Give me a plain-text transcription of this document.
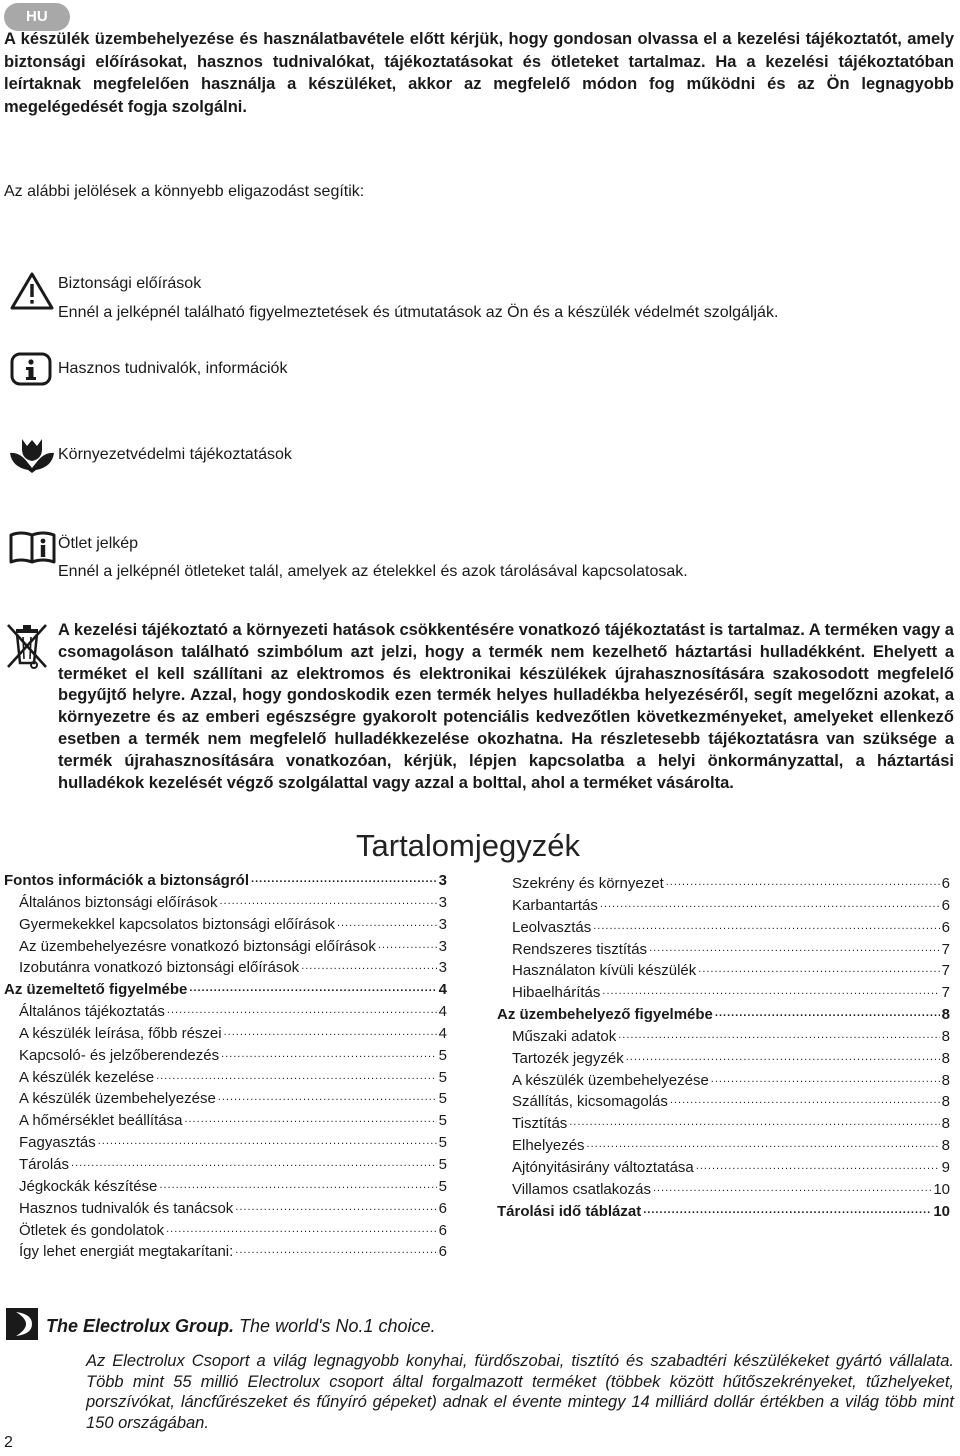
HU
A készülék üzembehelyezése és használatbavétele előtt kérjük, hogy gondosan olvassa el a kezelési tájékoztatót, amely biztonsági előírásokat, hasznos tudnivalókat, tájékoztatásokat és ötleteket tartalmaz. Ha a kezelési tájékoztatóban leírtaknak megfelelően használja a készüléket, akkor az megfelelő módon fog működni és az Ön legnagyobb megelégedését fogja szolgálni.
Az alábbi jelölések a könnyebb eligazodást segítik:
Biztonsági előírások
Ennél a jelképnél található figyelmeztetések és útmutatások az Ön és a készülék védelmét szolgálják.
Hasznos tudnivalók, információk
Környezetvédelmi tájékoztatások
Ötlet jelkép
Ennél a jelképnél ötleteket talál, amelyek az ételekkel és azok tárolásával kapcsolatosak.
A kezelési tájékoztató a környezeti hatások csökkentésére vonatkozó tájékoztatást is tartalmaz. A terméken vagy a csomagoláson található szimbólum azt jelzi, hogy a termék nem kezelhető háztartási hulladékként. Ehelyett a terméket el kell szállítani az elektromos és elektronikai készülékek újrahasznosítására szakosodott megfelelő begyűjtő helyre. Azzal, hogy gondoskodik ezen termék helyes hulladékba helyezéséről, segít megelőzni azokat, a környezetre és az emberi egészségre gyakorolt potenciális kedvezőtlen következményeket, amelyeket ellenkező esetben a termék nem megfelelő hulladékkezelése okozhatna. Ha részletesebb tájékoztatásra van szüksége a termék újrahasznosítására vonatkozóan, kérjük, lépjen kapcsolatba a helyi önkormányzattal, a háztartási hulladékok kezelését végző szolgálattal vagy azzal a bolttal, ahol a terméket vásárolta.
Tartalomjegyzék
Fontos információk a biztonságról .....	3
Általános biztonsági előírások .....	3
Gyermekekkel kapcsolatos biztonsági előírások .....	3
Az üzembehelyezésre vonatkozó biztonsági előírások .....	3
Izobutánra vonatkozó biztonsági előírások .....	3
Az üzemeltető figyelmébe .....	4
Általános tájékoztatás .....	4
A készülék leírása, főbb részei .....	4
Kapcsoló- és jelzőberendezés .....	5
A készülék kezelése .....	5
A készülék üzembehelyezése .....	5
A hőmérséklet beállítása .....	5
Fagyasztás .....	5
Tárolás .....	5
Jégkockák készítése .....	5
Hasznos tudnivalók és tanácsok .....	6
Ötletek és gondolatok .....	6
Így lehet energiát megtakarítani: .....	6
Szekrény és környezet .....	6
Karbantartás .....	6
Leolvasztás .....	6
Rendszeres tisztítás .....	7
Használaton kívüli készülék .....	7
Hibaelhárítás .....	7
Az üzembehelyező figyelmébe .....	8
Műszaki adatok .....	8
Tartozék jegyzék .....	8
A készülék üzembehelyezése .....	8
Szállítás, kicsomagolás .....	8
Tisztítás .....	8
Elhelyezés .....	8
Ajtónyitásirány változtatása .....	9
Villamos csatlakozás .....	10
Tárolási idő táblázat .....	10
The Electrolux Group. The world's No.1 choice.
Az Electrolux Csoport a világ legnagyobb konyhai, fürdőszobai, tisztító és szabadtéri készülékeket gyártó vállalata. Több mint 55 millió Electrolux csoport által forgalmazott terméket (többek között hűtőszekrényeket, tűzhelyeket, porszívókat, láncfűrészeket és fűnyíró gépeket) adnak el évente mintegy 14 milliárd dollár értékben a világ több mint 150 országában.
2
